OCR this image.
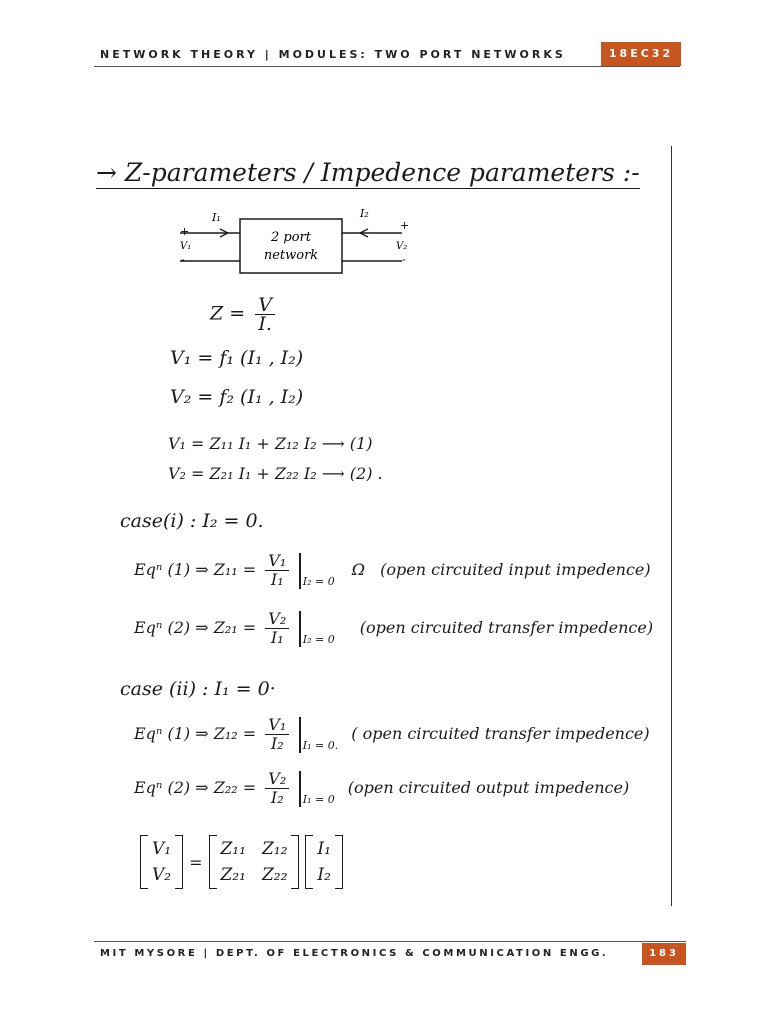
NETWORK THEORY | MODULES: TWO PORT NETWORKS	18EC32
→ Z-parameters / Impedence parameters :-
I₁	I₂
+
V₁
-
+
V₂
-
2 port
network
$Z = \frac{V}{I.}$
V₁ = f₁ (I₁ , I₂)
V₂ = f₂ (I₁ , I₂)
V₁ = Z₁₁ I₁ + Z₁₂ I₂ ⟶ (1)
V₂ = Z₂₁ I₁ + Z₂₂ I₂ ⟶ (2) .
case(i) : I₂ = 0.
Eqⁿ (1) ⇒ $Z_{11} = \frac{\text{V₁}}{\text{I₁}} _{I_2 = 0}$ Ω (open circuited input impedence)
Eqⁿ (2) ⇒ $Z_{21} = \frac{\text{V₂}}{\text{I₁}} _{I_2 = 0}$ (open circuited transfer impedence)
case (ii) : I₁ = 0·
Eqⁿ (1) ⇒ $Z_{12} = \frac{\text{V₁}}{\text{I₂}} _{I_1 = 0.}$ ( open circuited transfer impedence)
Eqⁿ (2) ⇒ $Z_{22} = \frac{\text{V₂}}{\text{I₂}} _{I_1 = 0}$ (open circuited output impedence)
V₁
V₂
=
Z₁₁ Z₁₂
Z₂₁ Z₂₂
I₁
I₂
MIT MYSORE | DEPT. OF ELECTRONICS & COMMUNICATION ENGG.	183
